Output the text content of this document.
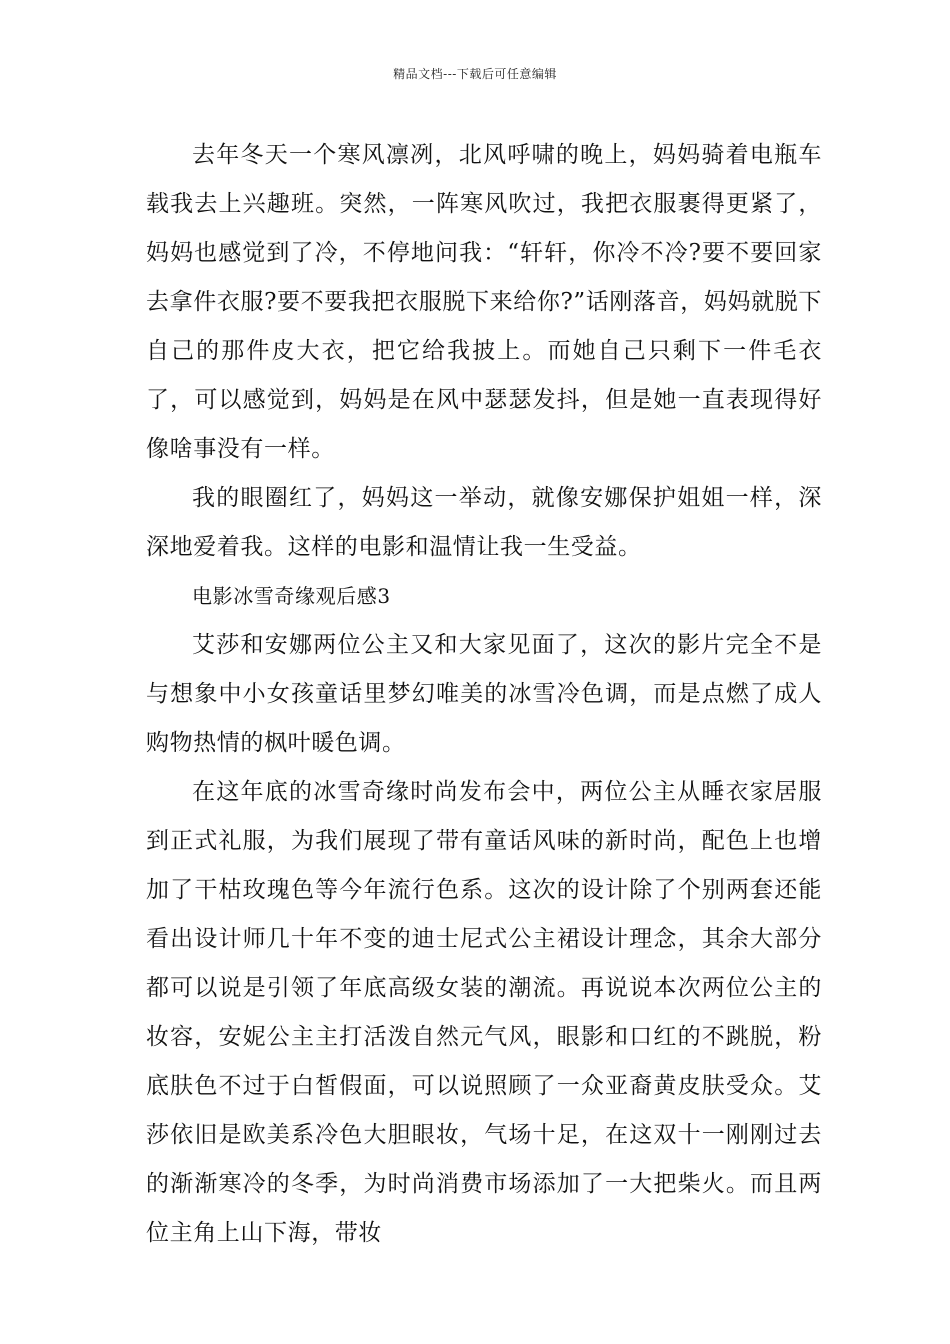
精品文档---下载后可任意编辑

去年冬天一个寒风凛冽，北风呼啸的晚上，妈妈骑着电瓶车载我去上兴趣班。突然，一阵寒风吹过，我把衣服裹得更紧了，妈妈也感觉到了冷，不停地问我：“轩轩，你冷不冷?要不要回家去拿件衣服?要不要我把衣服脱下来给你?”话刚落音，妈妈就脱下自己的那件皮大衣，把它给我披上。而她自己只剩下一件毛衣了，可以感觉到，妈妈是在风中瑟瑟发抖，但是她一直表现得好像啥事没有一样。

我的眼圈红了，妈妈这一举动，就像安娜保护姐姐一样，深深地爱着我。这样的电影和温情让我一生受益。

电影冰雪奇缘观后感3

艾莎和安娜两位公主又和大家见面了，这次的影片完全不是与想象中小女孩童话里梦幻唯美的冰雪冷色调，而是点燃了成人购物热情的枫叶暖色调。

在这年底的冰雪奇缘时尚发布会中，两位公主从睡衣家居服到正式礼服，为我们展现了带有童话风味的新时尚，配色上也增加了干枯玫瑰色等今年流行色系。这次的设计除了个别两套还能看出设计师几十年不变的迪士尼式公主裙设计理念，其余大部分都可以说是引领了年底高级女装的潮流。再说说本次两位公主的妆容，安妮公主主打活泼自然元气风，眼影和口红的不跳脱，粉底肤色不过于白皙假面，可以说照顾了一众亚裔黄皮肤受众。艾莎依旧是欧美系冷色大胆眼妆，气场十足，在这双十一刚刚过去的渐渐寒冷的冬季，为时尚消费市场添加了一大把柴火。而且两位主角上山下海，带妆
